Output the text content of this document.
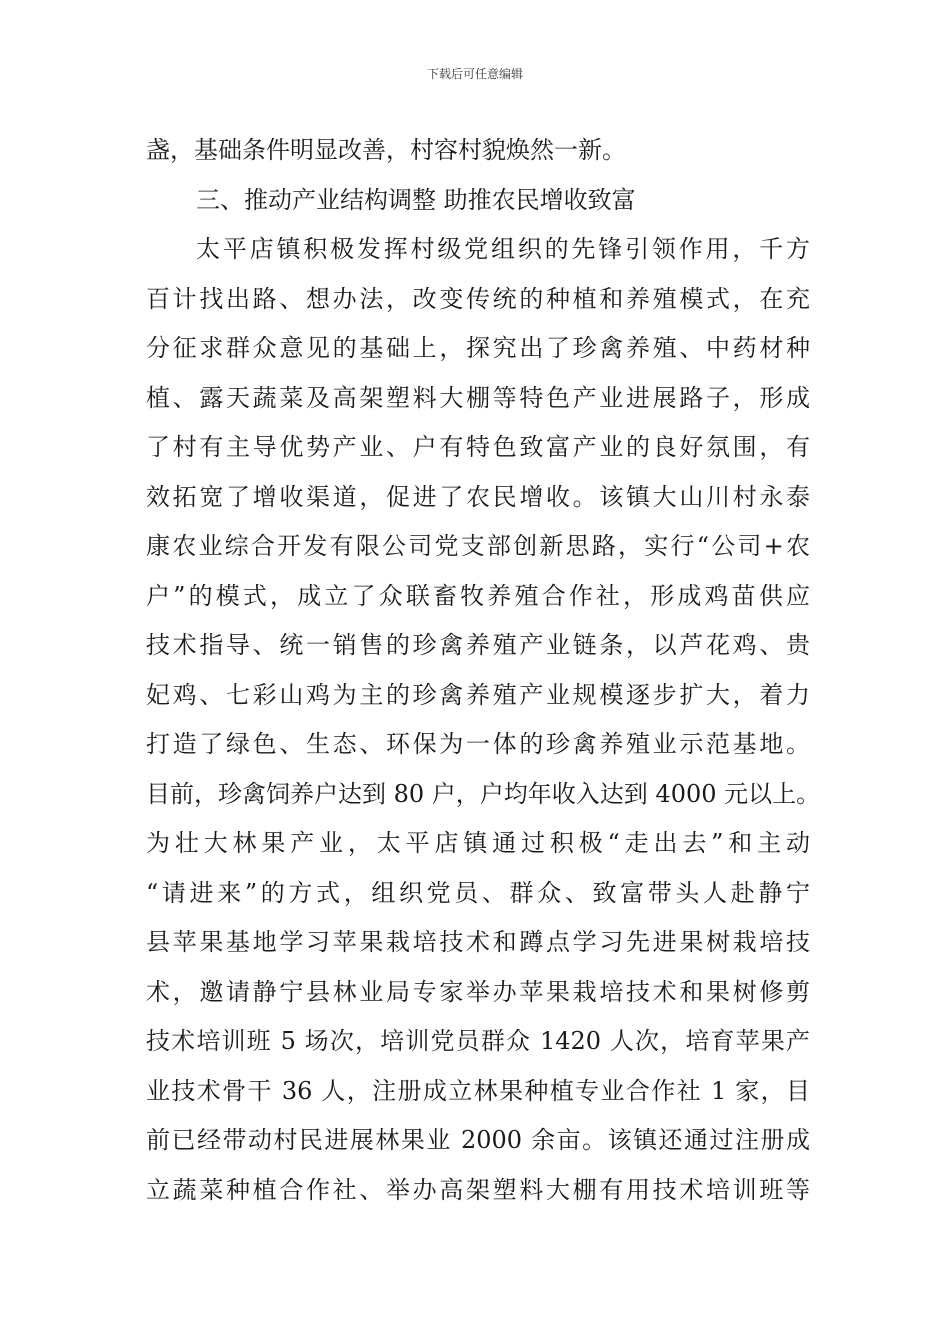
下载后可任意编辑
盏，基础条件明显改善，村容村貌焕然一新。
三、推动产业结构调整 助推农民增收致富
太平店镇积极发挥村级党组织的先锋引领作用，千方
百计找出路、想办法，改变传统的种植和养殖模式，在充
分征求群众意见的基础上，探究出了珍禽养殖、中药材种
植、露天蔬菜及高架塑料大棚等特色产业进展路子，形成
了村有主导优势产业、户有特色致富产业的良好氛围，有
效拓宽了增收渠道，促进了农民增收。该镇大山川村永泰
康农业综合开发有限公司党支部创新思路，实行“公司+农
户”的模式，成立了众联畜牧养殖合作社，形成鸡苗供应
技术指导、统一销售的珍禽养殖产业链条，以芦花鸡、贵
妃鸡、七彩山鸡为主的珍禽养殖产业规模逐步扩大，着力
打造了绿色、生态、环保为一体的珍禽养殖业示范基地。
目前，珍禽饲养户达到 80 户，户均年收入达到 4000 元以上。
为壮大林果产业，太平店镇通过积极“走出去”和主动
“请进来”的方式，组织党员、群众、致富带头人赴静宁
县苹果基地学习苹果栽培技术和蹲点学习先进果树栽培技
术，邀请静宁县林业局专家举办苹果栽培技术和果树修剪
技术培训班 5 场次，培训党员群众 1420 人次，培育苹果产
业技术骨干 36 人，注册成立林果种植专业合作社 1 家，目
前已经带动村民进展林果业 2000 余亩。该镇还通过注册成
立蔬菜种植合作社、举办高架塑料大棚有用技术培训班等
